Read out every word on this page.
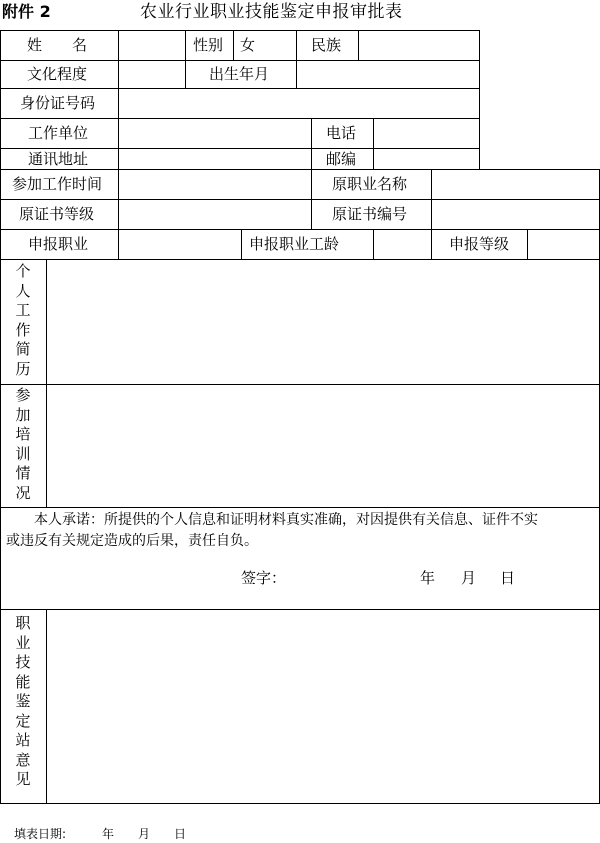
附件 2	农业行业职业技能鉴定申报审批表
姓　　名	性别 女	民族
文化程度	出生年月
身份证号码
工作单位	电话
通讯地址	邮编
参加工作时间	原职业名称
原证书等级	原证书编号
申报职业	申报职业工龄	申报等级
个人工作简历
参加培训情况
本人承诺：所提供的个人信息和证明材料真实准确，对因提供有关信息、证件不实
或违反有关规定造成的后果，责任自负。
签字：	年 月 日
职业技能鉴定站意见
填表日期:　　　年　　月　　日
